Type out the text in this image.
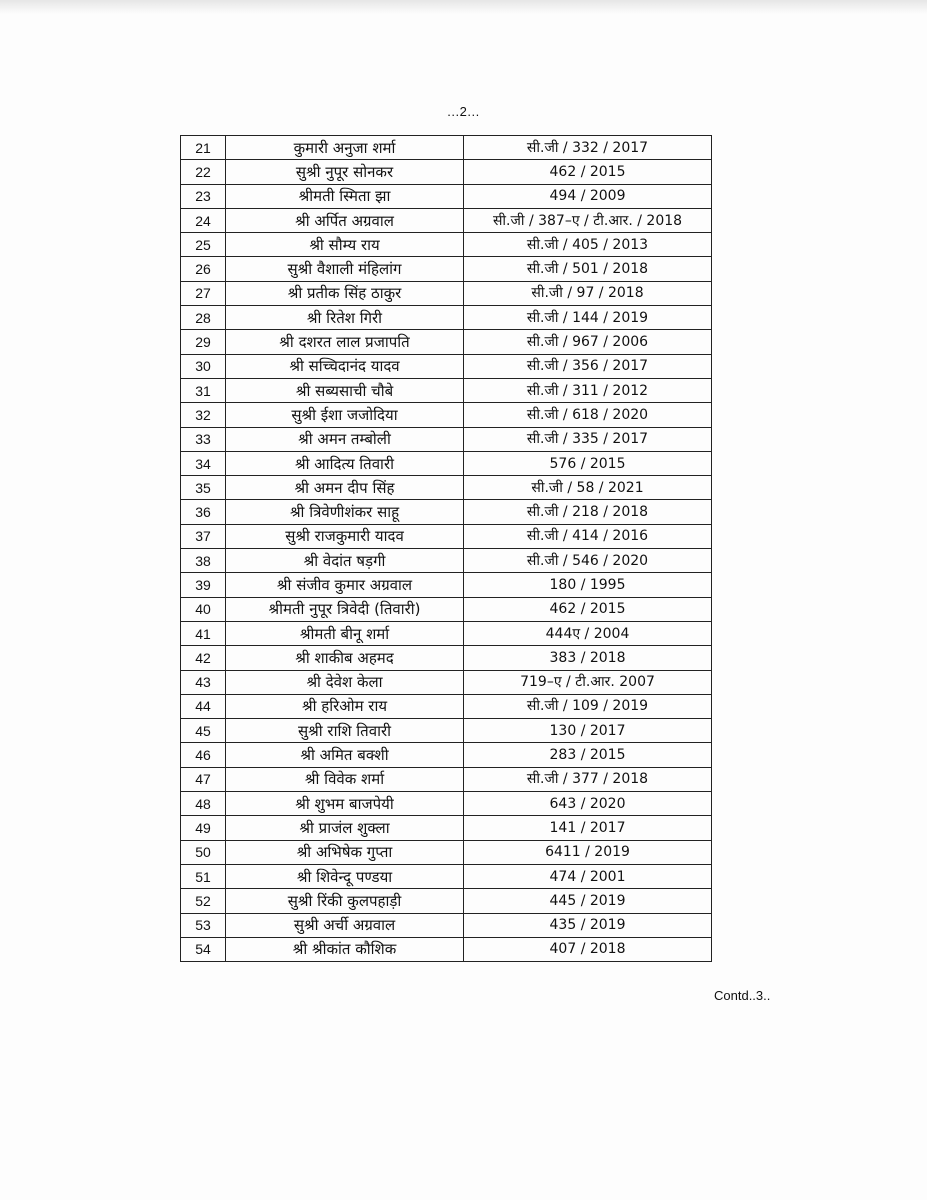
...2...
21	कुमारी अनुजा शर्मा	सी.जी / 332 / 2017
22	सुश्री नुपूर सोनकर	462 / 2015
23	श्रीमती स्मिता झा	494 / 2009
24	श्री अर्पित अग्रवाल	सी.जी / 387–ए / टी.आर. / 2018
25	श्री सौम्य राय	सी.जी / 405 / 2013
26	सुश्री वैशाली मंहिलांग	सी.जी / 501 / 2018
27	श्री प्रतीक सिंह ठाकुर	सी.जी / 97 / 2018
28	श्री रितेश गिरी	सी.जी / 144 / 2019
29	श्री दशरत लाल प्रजापति	सी.जी / 967 / 2006
30	श्री सच्चिदानंद यादव	सी.जी / 356 / 2017
31	श्री सब्यसाची चौबे	सी.जी / 311 / 2012
32	सुश्री ईशा जजोदिया	सी.जी / 618 / 2020
33	श्री अमन तम्बोली	सी.जी / 335 / 2017
34	श्री आदित्य तिवारी	576 / 2015
35	श्री अमन दीप सिंह	सी.जी / 58 / 2021
36	श्री त्रिवेणीशंकर साहू	सी.जी / 218 / 2018
37	सुश्री राजकुमारी यादव	सी.जी / 414 / 2016
38	श्री वेदांत षड़गी	सी.जी / 546 / 2020
39	श्री संजीव कुमार अग्रवाल	180 / 1995
40	श्रीमती नुपूर त्रिवेदी (तिवारी)	462 / 2015
41	श्रीमती बीनू शर्मा	444ए / 2004
42	श्री शाकीब अहमद	383 / 2018
43	श्री देवेश केला	719–ए / टी.आर. 2007
44	श्री हरिओम राय	सी.जी / 109 / 2019
45	सुश्री राशि तिवारी	130 / 2017
46	श्री अमित बक्शी	283 / 2015
47	श्री विवेक शर्मा	सी.जी / 377 / 2018
48	श्री शुभम बाजपेयी	643 / 2020
49	श्री प्राजंल शुक्ला	141 / 2017
50	श्री अभिषेक गुप्ता	6411 / 2019
51	श्री शिवेन्दू पण्डया	474 / 2001
52	सुश्री रिंकी कुलपहाड़ी	445 / 2019
53	सुश्री अर्ची अग्रवाल	435 / 2019
54	श्री श्रीकांत कौशिक	407 / 2018
Contd..3..
